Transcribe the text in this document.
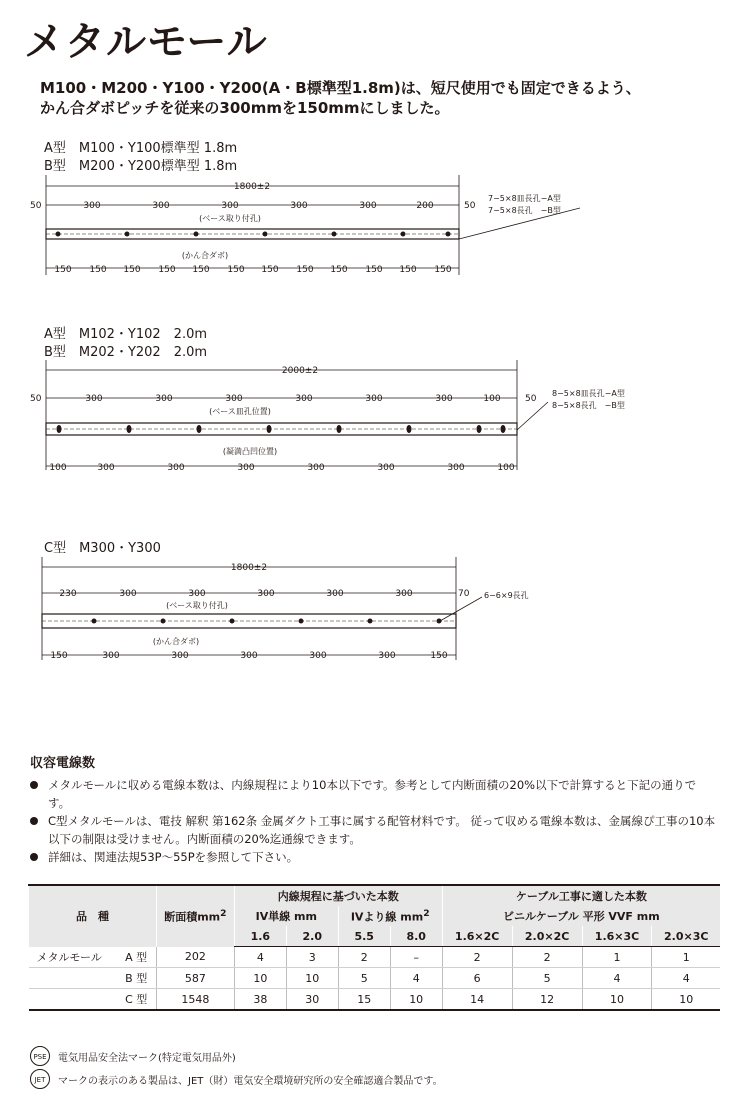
メタルモール
M100・M200・Y100・Y200(A・B標準型1.8m)は、短尺使用でも固定できるよう、
かん合ダボピッチを従来の300mmを150mmにしました。
A型　M100・Y100標準型 1.8m
B型　M200・Y200標準型 1.8m
1800±2
50	50
300	300	300	300	300	200
(ベース取り付孔)
(かん合ダボ)
150 150 150 150 150 150 150 150 150 150 150 150
7−5×8皿長孔−A型
7−5×8長孔　−B型
A型　M102・Y102　2.0m
B型　M202・Y202　2.0m
2000±2
50	50
300	300	300	300	300	300	100
(ベース皿孔位置)
(凝満凸凹位置)
100	300	300	300	300	300	300	100
8−5×8皿長孔−A型
8−5×8長孔　−B型
C型　M300・Y300
1800±2
70
230	300	300	300	300	300
(ベース取り付孔)
(かん合ダボ)
150	300	300	300	300	300	150
6−6×9長孔
収容電線数
メタルモールに収める電線本数は、内線規程により10本以下です。参考として内断面積の20%以下で計算すると下記の通りです。
C型メタルモールは、電技 解釈 第162条 金属ダクト工事に属する配管材料です。 従って収める電線本数は、金属線ぴ工事の10本以下の制限は受けません。内断面積の20%迄通線できます。
詳細は、関連法規53P〜55Pを参照して下さい。
品　種		断面積$mm^2$	内線規程に基づいた本数				ケーブル工事に適した本数			
			IV単線 mm		IVより線 $mm^2$		ビニルケーブル 平形 VVF mm			
			1.6	2.0	5.5	8.0	1.6×2C	2.0×2C	1.6×3C	2.0×3C
メタルモール	A 型	202	4	3	2	–	2	2	1	1
	B 型	587	10	10	5	4	6	5	4	4
	C 型	1548	38	30	15	10	14	12	10	10
PSE	電気用品安全法マーク(特定電気用品外)
JET	マークの表示のある製品は、JET（財）電気安全環境研究所の安全確認適合製品です。
